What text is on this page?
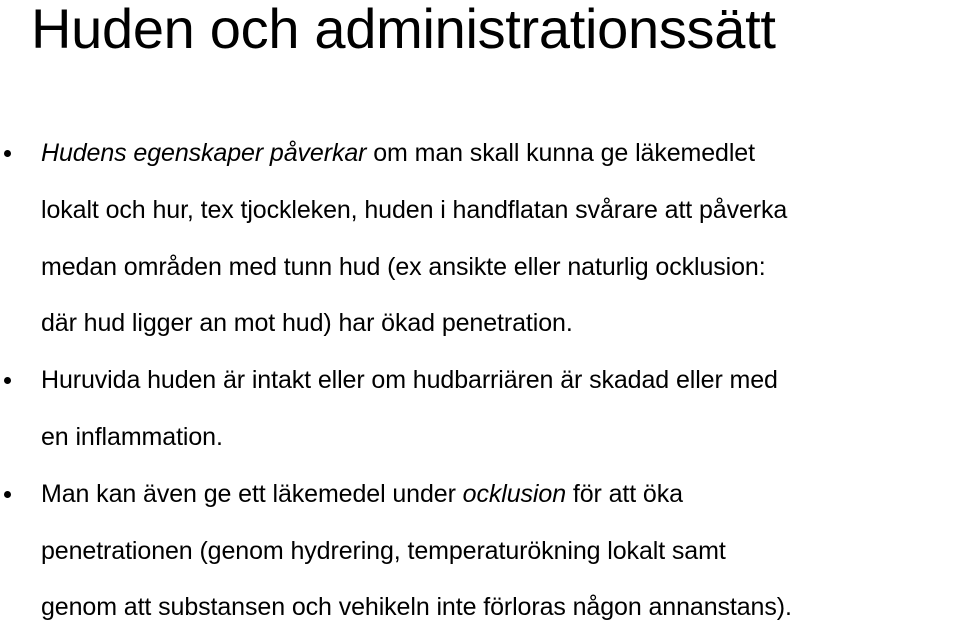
Huden och administrationssätt
Hudens egenskaper påverkar om man skall kunna ge läkemedlet
lokalt och hur, tex tjockleken, huden i handflatan svårare att påverka
medan områden med tunn hud (ex ansikte eller naturlig ocklusion:
där hud ligger an mot hud) har ökad penetration.
Huruvida huden är intakt eller om hudbarriären är skadad eller med
en inflammation.
Man kan även ge ett läkemedel under ocklusion för att öka
penetrationen (genom hydrering, temperaturökning lokalt samt
genom att substansen och vehikeln inte förloras någon annanstans).
